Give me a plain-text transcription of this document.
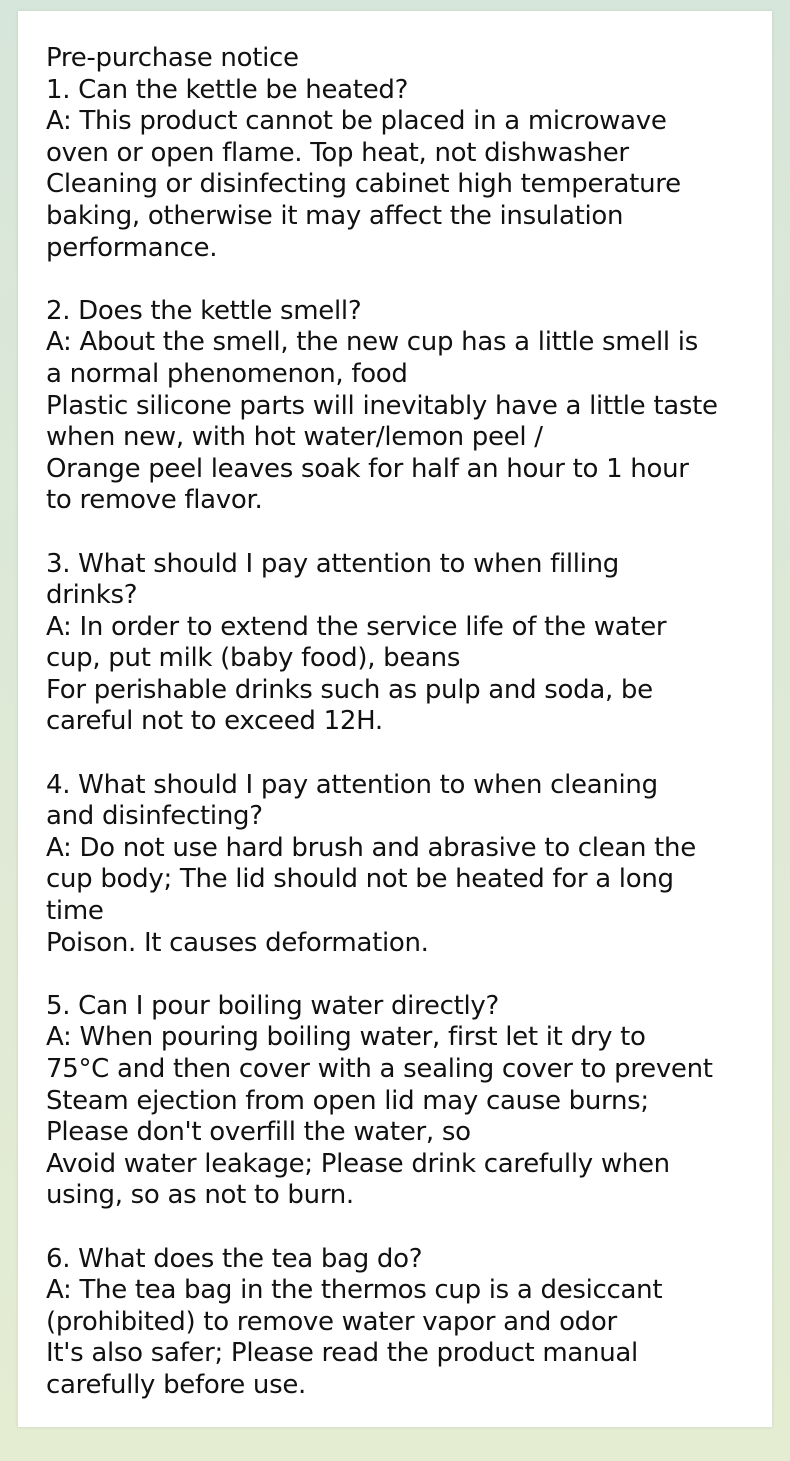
Pre-purchase notice
1. Can the kettle be heated?
A: This product cannot be placed in a microwave
oven or open flame. Top heat, not dishwasher
Cleaning or disinfecting cabinet high temperature
baking, otherwise it may affect the insulation
performance.
2. Does the kettle smell?
A: About the smell, the new cup has a little smell is
a normal phenomenon, food
Plastic silicone parts will inevitably have a little taste
when new, with hot water/lemon peel /
Orange peel leaves soak for half an hour to 1 hour
to remove flavor.
3. What should I pay attention to when filling
drinks?
A: In order to extend the service life of the water
cup, put milk (baby food), beans
For perishable drinks such as pulp and soda, be
careful not to exceed 12H.
4. What should I pay attention to when cleaning
and disinfecting?
A: Do not use hard brush and abrasive to clean the
cup body; The lid should not be heated for a long
time
Poison. It causes deformation.
5. Can I pour boiling water directly?
A: When pouring boiling water, first let it dry to
75°C and then cover with a sealing cover to prevent
Steam ejection from open lid may cause burns;
Please don't overfill the water, so
Avoid water leakage; Please drink carefully when
using, so as not to burn.
6. What does the tea bag do?
A: The tea bag in the thermos cup is a desiccant
(prohibited) to remove water vapor and odor
It's also safer; Please read the product manual
carefully before use.
